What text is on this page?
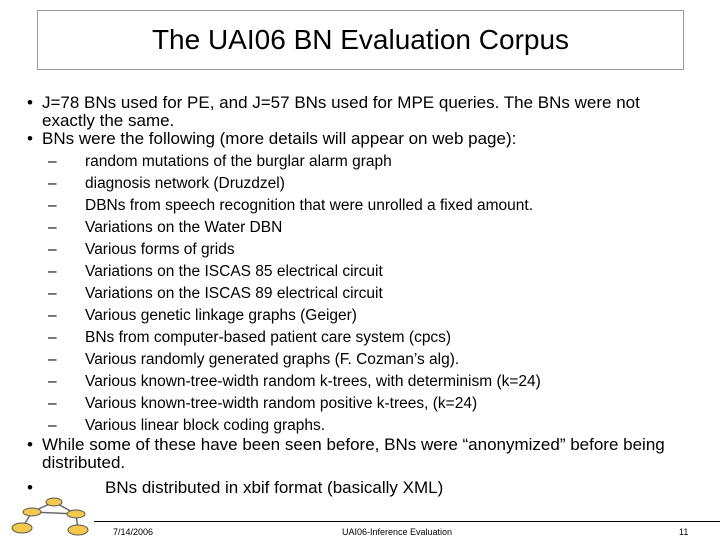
The UAI06 BN Evaluation Corpus
• J=78 BNs used for PE, and J=57 BNs used for MPE queries. The BNs were not exactly the same.
• BNs were the following (more details will appear on web page):
– random mutations of the burglar alarm graph
– diagnosis network (Druzdzel)
– DBNs from speech recognition that were unrolled a fixed amount.
– Variations on the Water DBN
– Various forms of grids
– Variations on the ISCAS 85 electrical circuit
– Variations on the ISCAS 89 electrical circuit
– Various genetic linkage graphs (Geiger)
– BNs from computer-based patient care system (cpcs)
– Various randomly generated graphs (F. Cozman’s alg).
– Various known-tree-width random k-trees, with determinism (k=24)
– Various known-tree-width random positive k-trees, (k=24)
– Various linear block coding graphs.
• While some of these have been seen before, BNs were “anonymized” before being distributed.
•	BNs distributed in xbif format (basically XML)
7/14/2006	UAI06-Inference Evaluation	11
